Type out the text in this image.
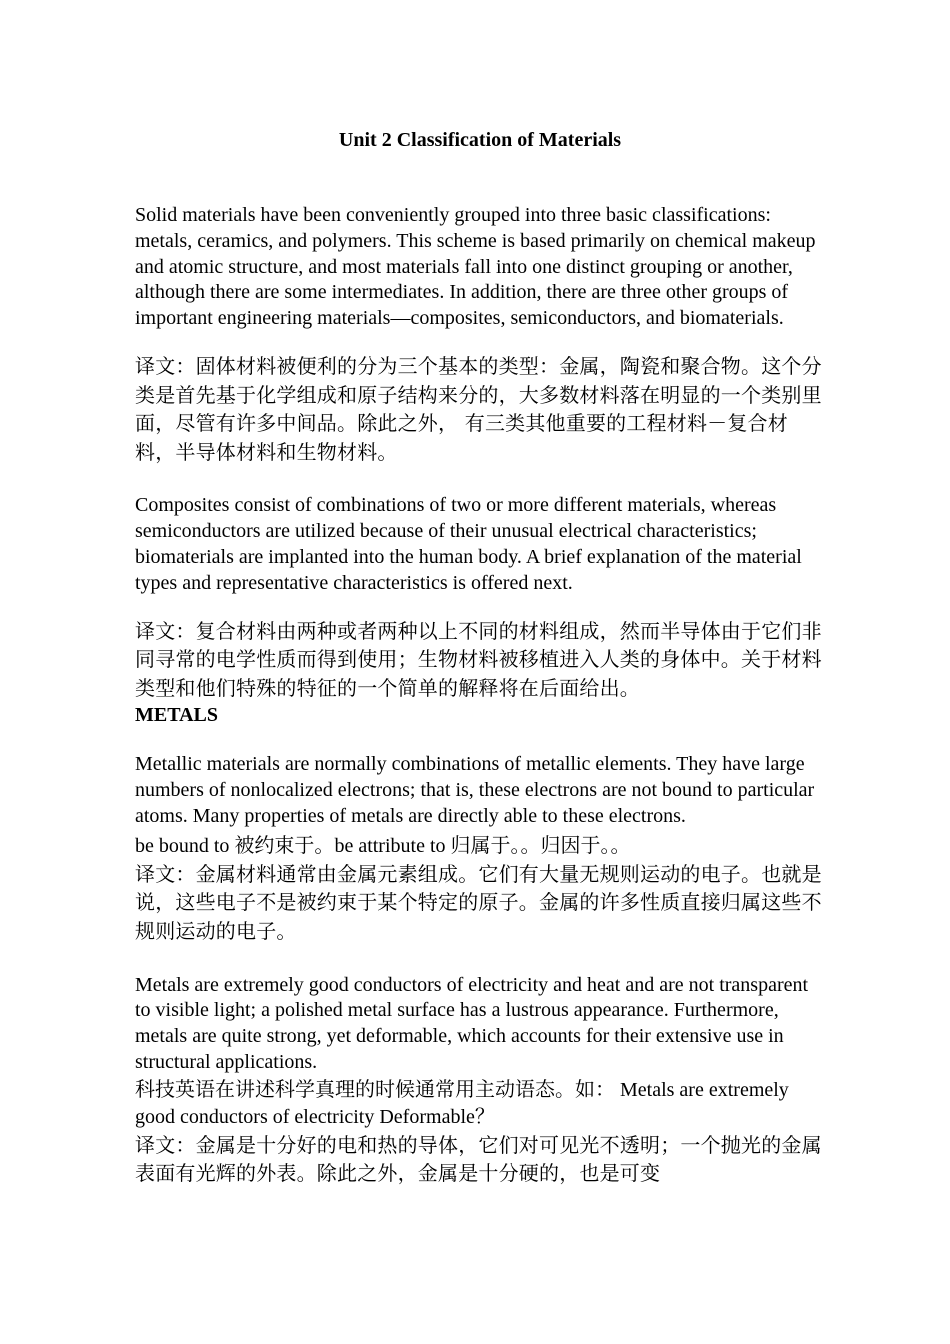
Unit 2 Classification of Materials

Solid materials have been conveniently grouped into three basic classifications: metals, ceramics, and polymers. This scheme is based primarily on chemical makeup and atomic structure, and most materials fall into one distinct grouping or another, although there are some intermediates. In addition, there are three other groups of important engineering materials—composites, semiconductors, and biomaterials.

译文：固体材料被便利的分为三个基本的类型：金属，陶瓷和聚合物。这个分类是首先基于化学组成和原子结构来分的，大多数材料落在明显的一个类别里面，尽管有许多中间品。除此之外， 有三类其他重要的工程材料－复合材料，半导体材料和生物材料。

Composites consist of combinations of two or more different materials, whereas semiconductors are utilized because of their unusual electrical characteristics; biomaterials are implanted into the human body. A brief explanation of the material types and representative characteristics is offered next.

译文：复合材料由两种或者两种以上不同的材料组成，然而半导体由于它们非同寻常的电学性质而得到使用；生物材料被移植进入人类的身体中。关于材料类型和他们特殊的特征的一个简单的解释将在后面给出。

METALS

Metallic materials are normally combinations of metallic elements. They have large numbers of nonlocalized electrons; that is, these electrons are not bound to particular atoms. Many properties of metals are directly able to these electrons.

be bound to 被约束于。be attribute to 归属于。。归因于。。

译文：金属材料通常由金属元素组成。它们有大量无规则运动的电子。也就是说，这些电子不是被约束于某个特定的原子。金属的许多性质直接归属这些不规则运动的电子。

Metals are extremely good conductors of electricity and heat and are not transparent to visible light; a polished metal surface has a lustrous appearance. Furthermore, metals are quite strong, yet deformable, which accounts for their extensive use in structural applications.

科技英语在讲述科学真理的时候通常用主动语态。如： Metals are extremely good conductors of electricity Deformable？

译文：金属是十分好的电和热的导体，它们对可见光不透明；一个抛光的金属表面有光辉的外表。除此之外，金属是十分硬的，也是可变
